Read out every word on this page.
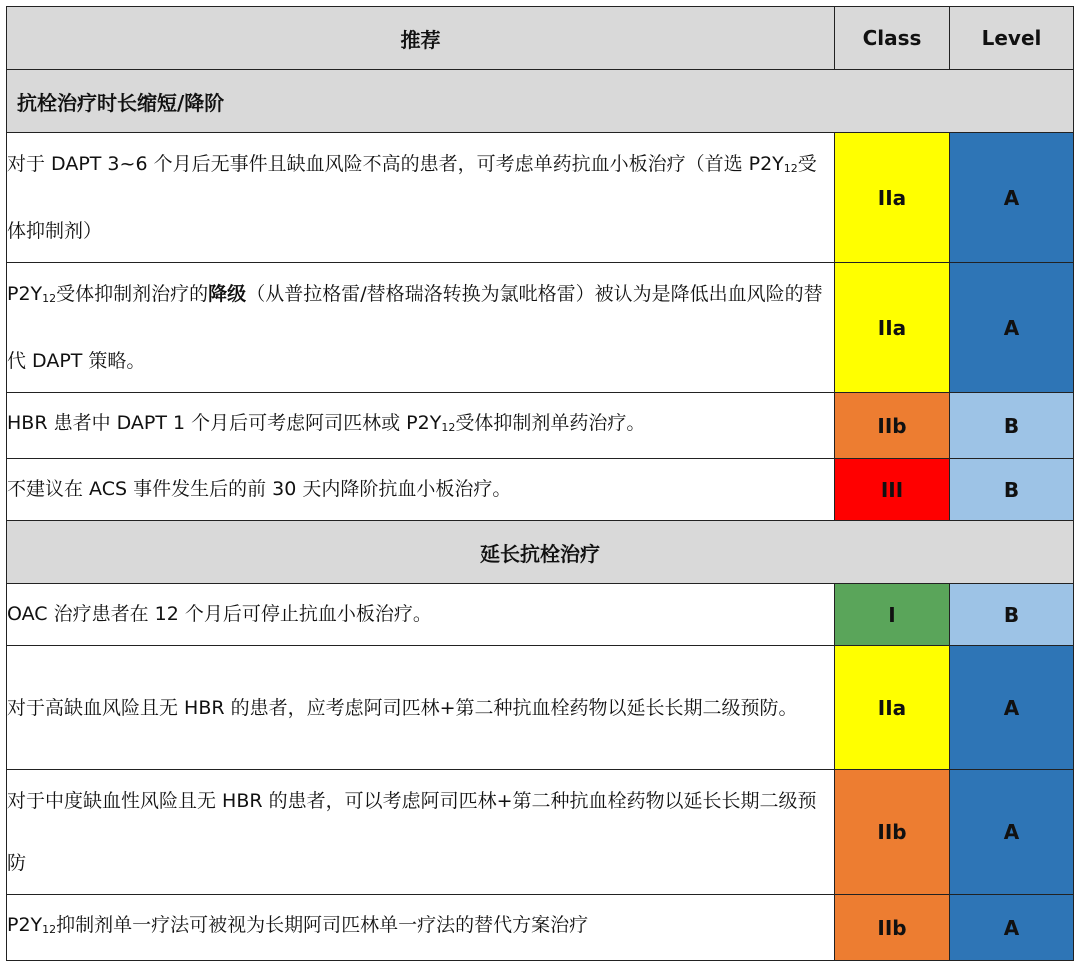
推荐	Class	Level
抗栓治疗时长缩短/降阶		
对于 DAPT 3~6 个月后无事件且缺血风险不高的患者，可考虑单药抗血小板治疗（首选 $P2Y_{12}$受体抑制剂）	IIa	A
$P2Y_{12}$受体抑制剂治疗的降级（从普拉格雷/替格瑞洛转换为氯吡格雷）被认为是降低出血风险的替代 DAPT 策略。	IIa	A
HBR 患者中 DAPT 1 个月后可考虑阿司匹林或 $P2Y_{12}$受体抑制剂单药治疗。	IIb	B
不建议在 ACS 事件发生后的前 30 天内降阶抗血小板治疗。	III	B
延长抗栓治疗		
OAC 治疗患者在 12 个月后可停止抗血小板治疗。	I	B
对于高缺血风险且无 HBR 的患者，应考虑阿司匹林+第二种抗血栓药物以延长长期二级预防。	IIa	A
对于中度缺血性风险且无 HBR 的患者，可以考虑阿司匹林+第二种抗血栓药物以延长长期二级预防	IIb	A
$P2Y_{12}$抑制剂单一疗法可被视为长期阿司匹林单一疗法的替代方案治疗	IIb	A
